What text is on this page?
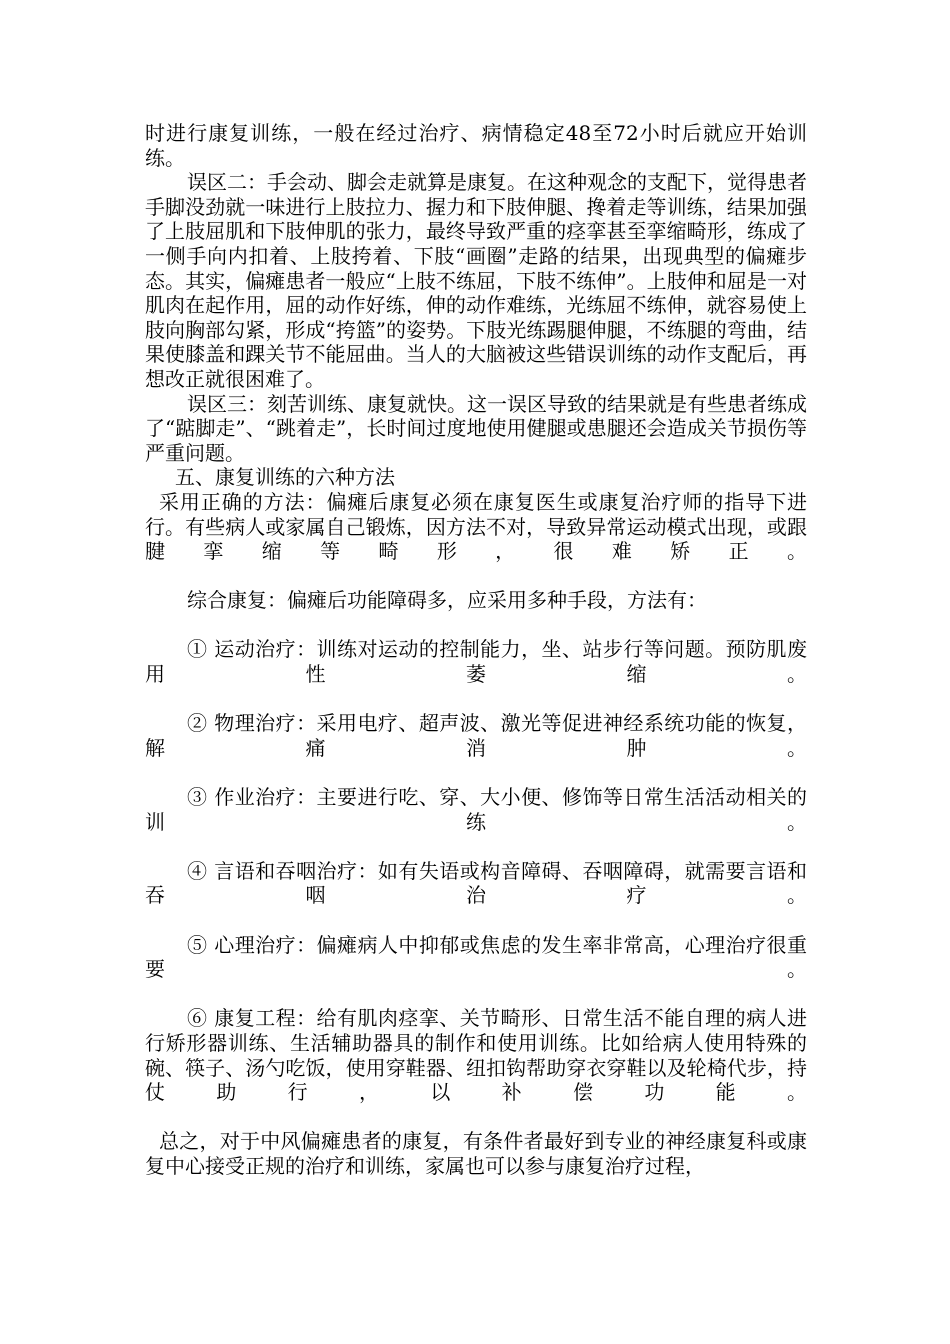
时进行康复训练，一般在经过治疗、病情稳定48至72小时后就应开始训练。

误区二：手会动、脚会走就算是康复。在这种观念的支配下，觉得患者手脚没劲就一味进行上肢拉力、握力和下肢伸腿、搀着走等训练，结果加强了上肢屈肌和下肢伸肌的张力，最终导致严重的痉挛甚至挛缩畸形，练成了一侧手向内扣着、上肢挎着、下肢“画圈”走路的结果，出现典型的偏瘫步态。其实，偏瘫患者一般应“上肢不练屈，下肢不练伸”。上肢伸和屈是一对肌肉在起作用，屈的动作好练，伸的动作难练，光练屈不练伸，就容易使上肢向胸部勾紧，形成“挎篮”的姿势。下肢光练踢腿伸腿，不练腿的弯曲，结果使膝盖和踝关节不能屈曲。当人的大脑被这些错误训练的动作支配后，再想改正就很困难了。

误区三：刻苦训练、康复就快。这一误区导致的结果就是有些患者练成了“踮脚走”、“跳着走”，长时间过度地使用健腿或患腿还会造成关节损伤等严重问题。

五、康复训练的六种方法

采用正确的方法：偏瘫后康复必须在康复医生或康复治疗师的指导下进行。有些病人或家属自己锻炼，因方法不对，导致异常运动模式出现，或跟腱挛缩等畸形，很难矫正。

综合康复：偏瘫后功能障碍多，应采用多种手段，方法有：

① 运动治疗：训练对运动的控制能力，坐、站步行等问题。预防肌废用性萎缩。

② 物理治疗：采用电疗、超声波、激光等促进神经系统功能的恢复，解痛消肿。

③ 作业治疗：主要进行吃、穿、大小便、修饰等日常生活活动相关的训练。

④ 言语和吞咽治疗：如有失语或构音障碍、吞咽障碍，就需要言语和吞咽治疗。

⑤ 心理治疗：偏瘫病人中抑郁或焦虑的发生率非常高，心理治疗很重要。

⑥ 康复工程：给有肌肉痉挛、关节畸形、日常生活不能自理的病人进行矫形器训练、生活辅助器具的制作和使用训练。比如给病人使用特殊的碗、筷子、汤勺吃饭，使用穿鞋器、纽扣钩帮助穿衣穿鞋以及轮椅代步，持仗助行，以补偿功能。

总之，对于中风偏瘫患者的康复，有条件者最好到专业的神经康复科或康复中心接受正规的治疗和训练，家属也可以参与康复治疗过程，
